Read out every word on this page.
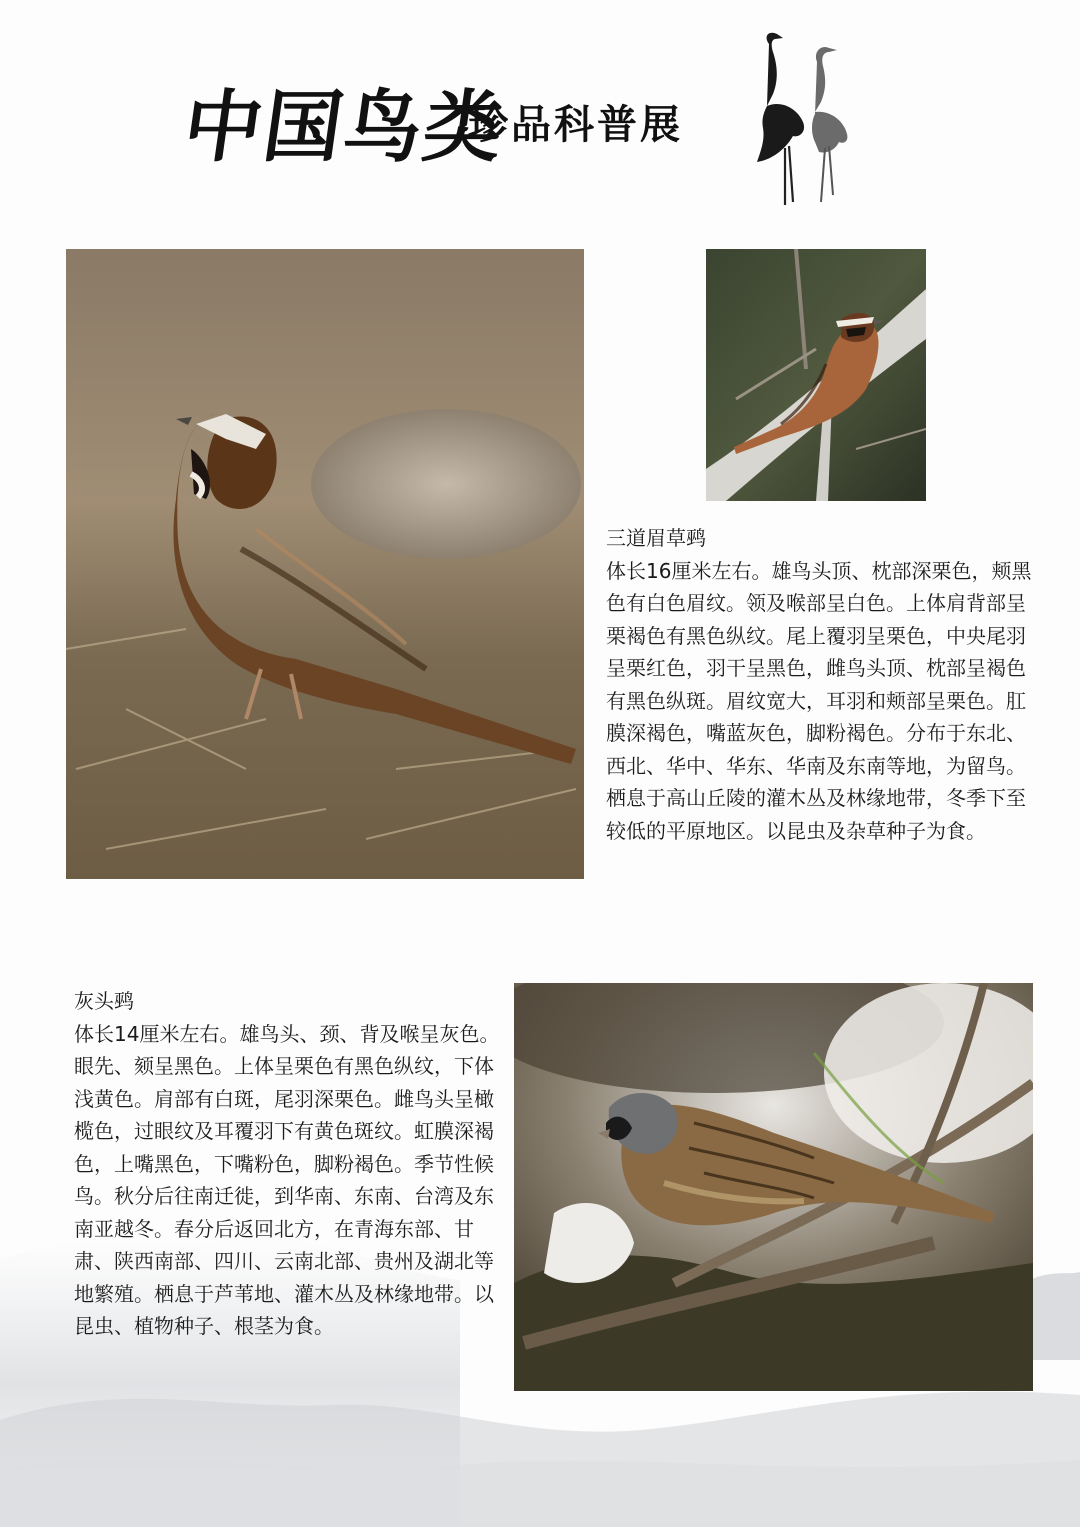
中国鸟类
珍品科普展
三道眉草鹀
体长16厘米左右。雄鸟头顶、枕部深栗色，颊黑色有白色眉纹。领及喉部呈白色。上体肩背部呈栗褐色有黑色纵纹。尾上覆羽呈栗色，中央尾羽呈栗红色，羽干呈黑色，雌鸟头顶、枕部呈褐色有黑色纵斑。眉纹宽大，耳羽和颊部呈栗色。肛膜深褐色，嘴蓝灰色，脚粉褐色。分布于东北、西北、华中、华东、华南及东南等地，为留鸟。栖息于高山丘陵的灌木丛及林缘地带，冬季下至较低的平原地区。以昆虫及杂草种子为食。
灰头鹀
体长14厘米左右。雄鸟头、颈、背及喉呈灰色。眼先、颏呈黑色。上体呈栗色有黑色纵纹，下体浅黄色。肩部有白斑，尾羽深栗色。雌鸟头呈橄榄色，过眼纹及耳覆羽下有黄色斑纹。虹膜深褐色，上嘴黑色，下嘴粉色，脚粉褐色。季节性候鸟。秋分后往南迁徙，到华南、东南、台湾及东南亚越冬。春分后返回北方，在青海东部、甘肃、陕西南部、四川、云南北部、贵州及湖北等地繁殖。栖息于芦苇地、灌木丛及林缘地带。以昆虫、植物种子、根茎为食。
